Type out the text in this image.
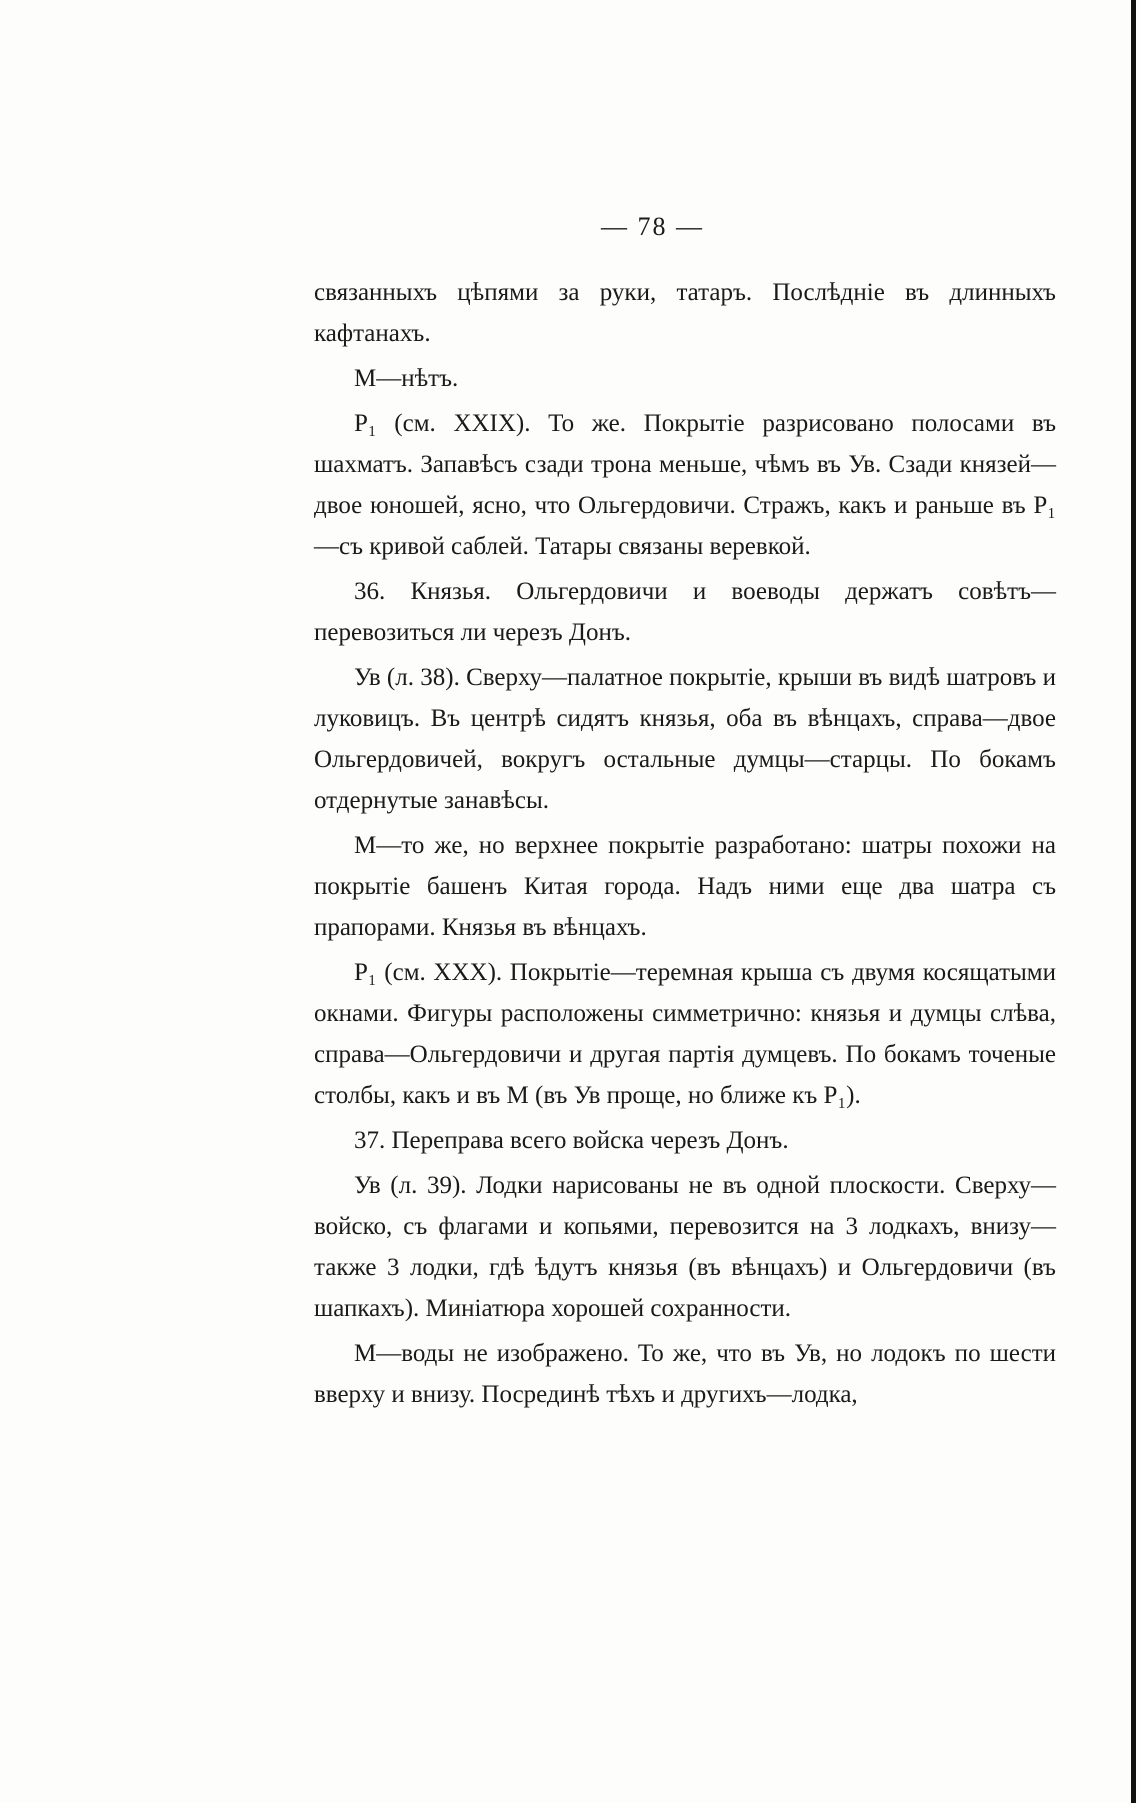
— 78 —

связанныхъ цѣпями за руки, татаръ. Послѣдніе въ длинныхъ кафтанахъ.

М—нѣтъ.

P₁ (см. XXIX). То же. Покрытіе разрисовано полосами въ шахматъ. Запавѣсъ сзади трона меньше, чѣмъ въ Ув. Сзади князей—двое юношей, ясно, что Ольгердовичи. Стражъ, какъ и раньше въ P₁—съ кривой саблей. Татары связаны веревкой.

36. Князья. Ольгердовичи и воеводы держатъ совѣтъ—перевозиться ли черезъ Донъ.

Ув (л. 38). Сверху—палатное покрытіе, крыши въ видѣ шатровъ и луковицъ. Въ центрѣ сидятъ князья, оба въ вѣнцахъ, справа—двое Ольгердовичей, вокругъ остальные думцы—старцы. По бокамъ отдернутые занавѣсы.

М—то же, но верхнее покрытіе разработано: шатры похожи на покрытіе башенъ Китая города. Надъ ними еще два шатра съ прапорами. Князья въ вѣнцахъ.

P₁ (см. XXX). Покрытіе—теремная крыша съ двумя косящатыми окнами. Фигуры расположены симметрично: князья и думцы слѣва, справа—Ольгердовичи и другая партія думцевъ. По бокамъ точеные столбы, какъ и въ М (въ Ув проще, но ближе къ P₁).

37. Переправа всего войска черезъ Донъ.

Ув (л. 39). Лодки нарисованы не въ одной плоскости. Сверху—войско, съ флагами и копьями, перевозится на 3 лодкахъ, внизу—также 3 лодки, гдѣ ѣдутъ князья (въ вѣнцахъ) и Ольгердовичи (въ шапкахъ). Миніатюра хорошей сохранности.

М—воды не изображено. То же, что въ Ув, но лодокъ по шести вверху и внизу. Посрединѣ тѣхъ и другихъ—лодка,
